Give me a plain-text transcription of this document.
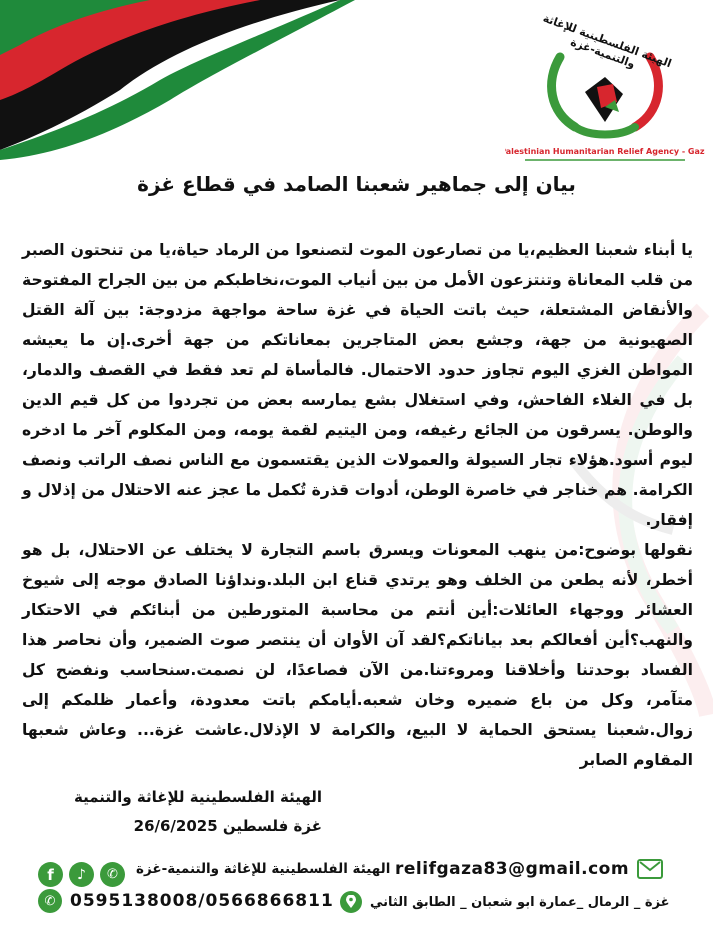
Palestinian Humanitarian Relief Agency - Gaza
الهيئة الفلسطينية للإغاثة والتنمية-غزة
بيان إلى جماهير شعبنا الصامد في قطاع غزة

يا أبناء شعبنا العظيم،يا من تصارعون الموت لتصنعوا من الرماد حياة،يا من تنحتون الصبر من قلب المعاناة وتنتزعون الأمل من بين أنياب الموت،نخاطبكم من بين الجراح المفتوحة والأنقاض المشتعلة، حيث باتت الحياة في غزة ساحة مواجهة مزدوجة: بين آلة القتل الصهيونية من جهة، وجشع بعض المتاجرين بمعاناتكم من جهة أخرى.إن ما يعيشه المواطن الغزي اليوم تجاوز حدود الاحتمال. فالمأساة لم تعد فقط في القصف والدمار، بل في الغلاء الفاحش، وفي استغلال بشع يمارسه بعض من تجردوا من كل قيم الدين والوطن. يسرقون من الجائع رغيفه، ومن اليتيم لقمة يومه، ومن المكلوم آخر ما ادخره ليوم أسود.هؤلاء تجار السيولة والعمولات الذين يقتسمون مع الناس نصف الراتب ونصف الكرامة. هم خناجر في خاصرة الوطن، أدوات قذرة تُكمل ما عجز عنه الاحتلال من إذلال و إفقار.

نقولها بوضوح:من ينهب المعونات ويسرق باسم التجارة لا يختلف عن الاحتلال، بل هو أخطر، لأنه يطعن من الخلف وهو يرتدي قناع ابن البلد.ونداؤنا الصادق موجه إلى شيوخ العشائر ووجهاء العائلات:أين أنتم من محاسبة المتورطين من أبنائكم في الاحتكار والنهب؟أين أفعالكم بعد بياناتكم؟لقد آن الأوان أن ينتصر صوت الضمير، وأن نحاصر هذا الفساد بوحدتنا وأخلاقنا ومروءتنا.من الآن فصاعدًا، لن نصمت.سنحاسب ونفضح كل متآمر، وكل من باع ضميره وخان شعبه.أيامكم باتت معدودة، وأعمار ظلمكم إلى زوال.شعبنا يستحق الحماية لا البيع، والكرامة لا الإذلال.عاشت غزة... وعاش شعبها المقاوم الصابر

الهيئة الفلسطينية للإغاثة والتنمية
غزة فلسطين 26/6/2025
relifgaza83@gmail.com
الهيئة الفلسطينية للإغاثة والتنمية-غزة
f ♪ ✆
0595138008/0566866811
✆	غزة _ الرمال _عمارة ابو شعبان _ الطابق الثاني
